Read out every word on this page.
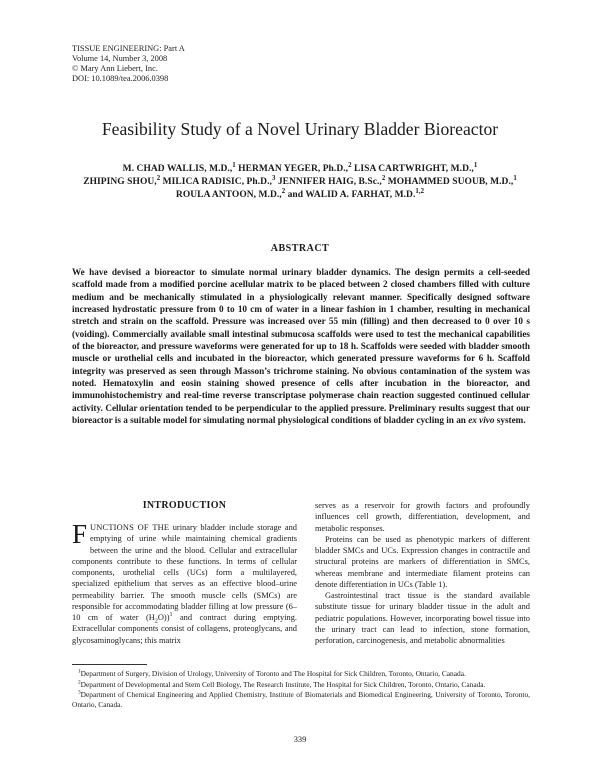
TISSUE ENGINEERING: Part A
Volume 14, Number 3, 2008
© Mary Ann Liebert, Inc.
DOI: 10.1089/tea.2006.0398
Feasibility Study of a Novel Urinary Bladder Bioreactor
M. CHAD WALLIS, M.D.,$^1$ HERMAN YEGER, Ph.D.,$^2$ LISA CARTWRIGHT, M.D.,$^1$
ZHIPING SHOU,$^2$ MILICA RADISIC, Ph.D.,$^3$ JENNIFER HAIG, B.Sc.,$^2$ MOHAMMED SUOUB, M.D.,$^1$
ROULA ANTOON, M.D.,$^2$ and WALID A. FARHAT, M.D.$^{1,2}$
ABSTRACT
We have devised a bioreactor to simulate normal urinary bladder dynamics. The design permits a cell-seeded scaffold made from a modified porcine acellular matrix to be placed between 2 closed chambers filled with culture medium and be mechanically stimulated in a physiologically relevant manner. Specifically designed software increased hydrostatic pressure from 0 to 10 cm of water in a linear fashion in 1 chamber, resulting in mechanical stretch and strain on the scaffold. Pressure was increased over 55 min (filling) and then decreased to 0 over 10 s (voiding). Commercially available small intestinal submucosa scaffolds were used to test the mechanical capabilities of the bioreactor, and pressure waveforms were generated for up to 18 h. Scaffolds were seeded with bladder smooth muscle or urothelial cells and incubated in the bioreactor, which generated pressure waveforms for 6 h. Scaffold integrity was preserved as seen through Masson’s trichrome staining. No obvious contamination of the system was noted. Hematoxylin and eosin staining showed presence of cells after incubation in the bioreactor, and immunohistochemistry and real-time reverse transcriptase polymerase chain reaction suggested continued cellular activity. Cellular orientation tended to be perpendicular to the applied pressure. Preliminary results suggest that our bioreactor is a suitable model for simulating normal physiological conditions of bladder cycling in an ex vivo system.
INTRODUCTION

FUNCTIONS OF THE urinary bladder include storage and emptying of urine while maintaining chemical gradients between the urine and the blood. Cellular and extracellular components contribute to these functions. In terms of cellular components, urothelial cells (UCs) form a multilayered, specialized epithelium that serves as an effective blood–urine permeability barrier. The smooth muscle cells (SMCs) are responsible for accommodating bladder filling at low pressure (6–10 cm of water $(H_2O))^1$ and contract during emptying. Extracellular components consist of collagens, proteoglycans, and glycosaminoglycans; this matrix

serves as a reservoir for growth factors and profoundly influences cell growth, differentiation, development, and metabolic responses.

Proteins can be used as phenotypic markers of different bladder SMCs and UCs. Expression changes in contractile and structural proteins are markers of differentiation in SMCs, whereas membrane and intermediate filament proteins can denote differentiation in UCs (Table 1).

Gastrointestinal tract tissue is the standard available substitute tissue for urinary bladder tissue in the adult and pediatric populations. However, incorporating bowel tissue into the urinary tract can lead to infection, stone formation, perforation, carcinogenesis, and metabolic abnormalities

$^1$Department of Surgery, Division of Urology, University of Toronto and The Hospital for Sick Children, Toronto, Ontario, Canada.

$^2$Department of Developmental and Stem Cell Biology, The Research Institute, The Hospital for Sick Children, Toronto, Ontario, Canada.

$^3$Department of Chemical Engineering and Applied Chemistry, Institute of Biomaterials and Biomedical Engineering, University of Toronto, Toronto, Ontario, Canada.

339
